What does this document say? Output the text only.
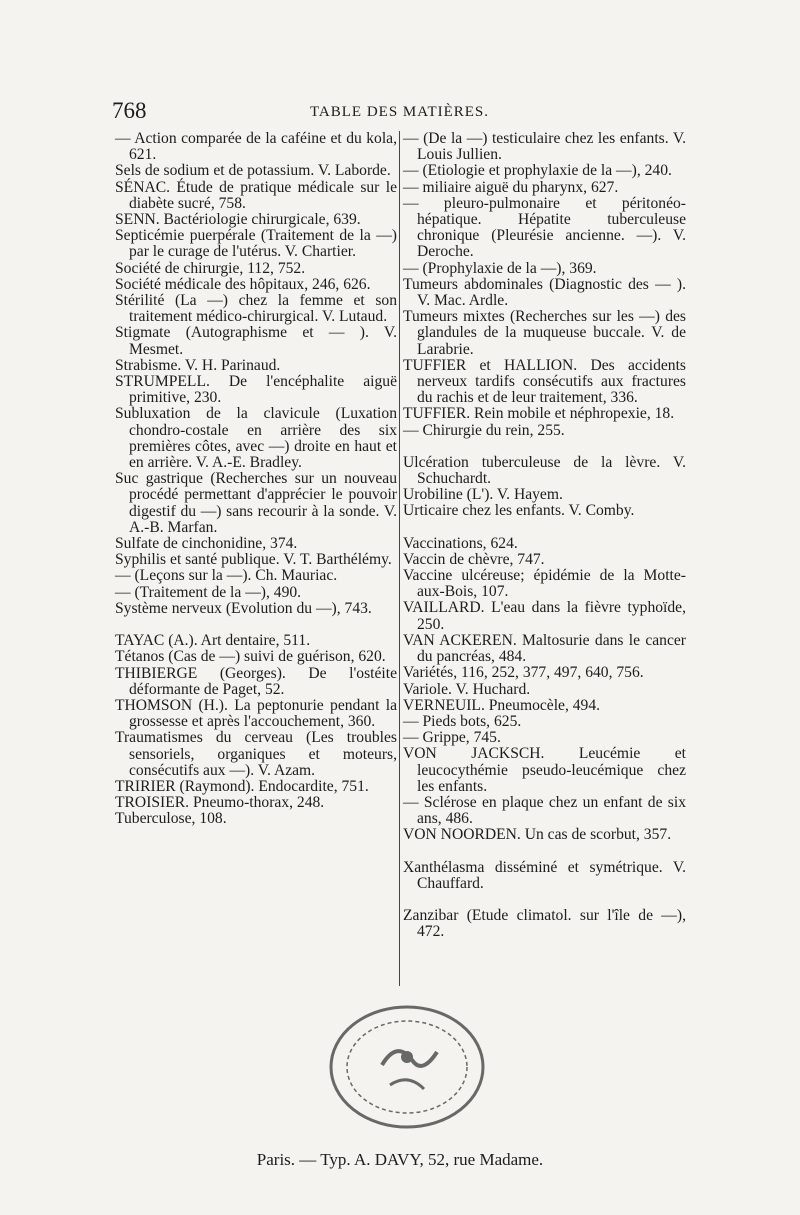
768	TABLE DES MATIÈRES.
— Action comparée de la caféine et du kola, 621.
Sels de sodium et de potassium. V. Laborde.
SÉNAC. Étude de pratique médicale sur le diabète sucré, 758.
SENN. Bactériologie chirurgicale, 639.
Septicémie puerpérale (Traitement de la —) par le curage de l'utérus. V. Chartier.
Société de chirurgie, 112, 752.
Société médicale des hôpitaux, 246, 626.
Stérilité (La —) chez la femme et son traitement médico-chirurgical. V. Lutaud.
Stigmate (Autographisme et — ). V. Mesmet.
Strabisme. V. H. Parinaud.
STRUMPELL. De l'encéphalite aiguë primitive, 230.
Subluxation de la clavicule (Luxation chondro-costale en arrière des six premières côtes, avec —) droite en haut et en arrière. V. A.-E. Bradley.
Suc gastrique (Recherches sur un nouveau procédé permettant d'apprécier le pouvoir digestif du —) sans recourir à la sonde. V. A.-B. Marfan.
Sulfate de cinchonidine, 374.
Syphilis et santé publique. V. T. Barthélémy.
— (Leçons sur la —). Ch. Mauriac.
— (Traitement de la —), 490.
Système nerveux (Evolution du —), 743.
TAYAC (A.). Art dentaire, 511.
Tétanos (Cas de —) suivi de guérison, 620.
THIBIERGE (Georges). De l'ostéite déformante de Paget, 52.
THOMSON (H.). La peptonurie pendant la grossesse et après l'accouchement, 360.
Traumatismes du cerveau (Les troubles sensoriels, organiques et moteurs, consécutifs aux —). V. Azam.
TRIRIER (Raymond). Endocardite, 751.
TROISIER. Pneumo-thorax, 248.
Tuberculose, 108.
— (De la —) testiculaire chez les enfants. V. Louis Jullien.
— (Etiologie et prophylaxie de la —), 240.
— miliaire aiguë du pharynx, 627.
— pleuro-pulmonaire et péritonéo-hépatique. Hépatite tuberculeuse chronique (Pleurésie ancienne. —). V. Deroche.
— (Prophylaxie de la —), 369.
Tumeurs abdominales (Diagnostic des — ). V. Mac. Ardle.
Tumeurs mixtes (Recherches sur les —) des glandules de la muqueuse buccale. V. de Larabrie.
TUFFIER et HALLION. Des accidents nerveux tardifs consécutifs aux fractures du rachis et de leur traitement, 336.
TUFFIER. Rein mobile et néphropexie, 18.
— Chirurgie du rein, 255.
Ulcération tuberculeuse de la lèvre. V. Schuchardt.
Urobiline (L'). V. Hayem.
Urticaire chez les enfants. V. Comby.
Vaccinations, 624.
Vaccin de chèvre, 747.
Vaccine ulcéreuse; épidémie de la Motte-aux-Bois, 107.
VAILLARD. L'eau dans la fièvre typhoïde, 250.
VAN ACKEREN. Maltosurie dans le cancer du pancréas, 484.
Variétés, 116, 252, 377, 497, 640, 756.
Variole. V. Huchard.
VERNEUIL. Pneumocèle, 494.
— Pieds bots, 625.
— Grippe, 745.
VON JACKSCH. Leucémie et leucocythémie pseudo-leucémique chez les enfants.
— Sclérose en plaque chez un enfant de six ans, 486.
VON NOORDEN. Un cas de scorbut, 357.
Xanthélasma disséminé et symétrique. V. Chauffard.
Zanzibar (Etude climatol. sur l'île de —), 472.
Paris. — Typ. A. DAVY, 52, rue Madame.
